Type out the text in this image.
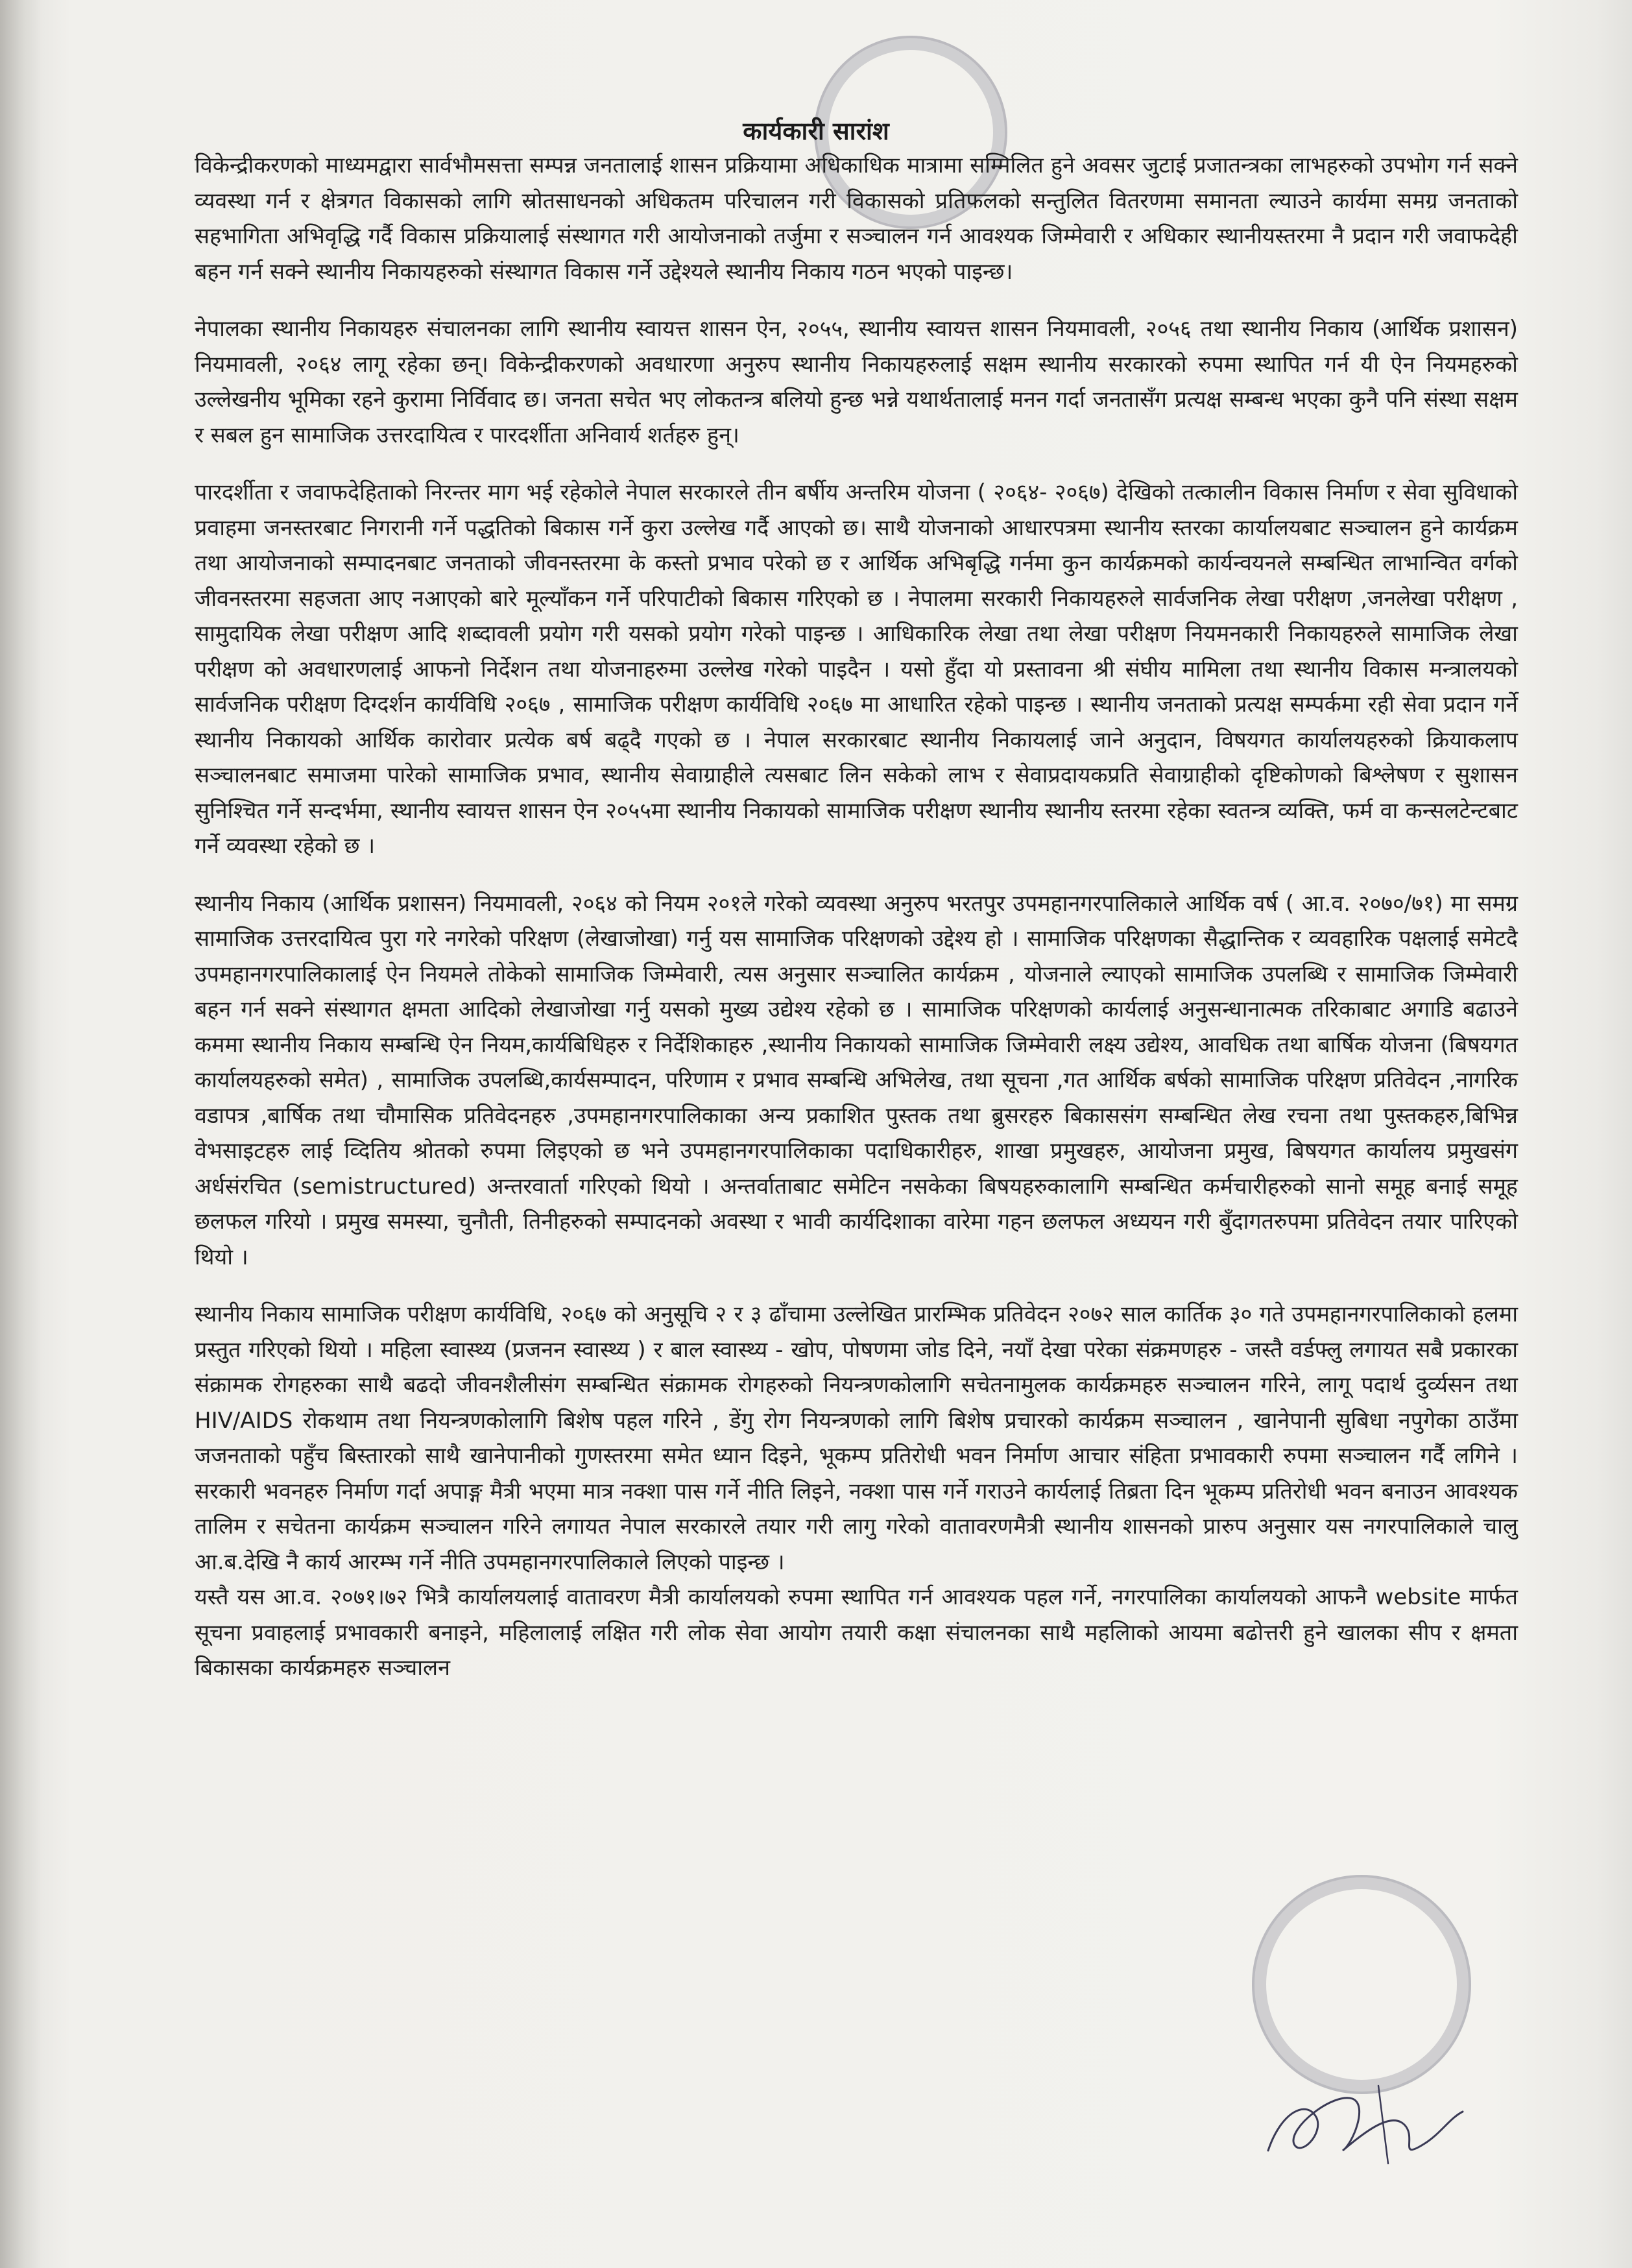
कार्यकारी सारांश

विकेन्द्रीकरणको माध्यमद्वारा सार्वभौमसत्ता सम्पन्न जनतालाई शासन प्रक्रियामा अधिकाधिक मात्रामा सम्मिलित हुने अवसर जुटाई प्रजातन्त्रका लाभहरुको उपभोग गर्न सक्ने व्यवस्था गर्न र क्षेत्रगत विकासको लागि स्रोतसाधनको अधिकतम परिचालन गरी विकासको प्रतिफलको सन्तुलित वितरणमा समानता ल्याउने कार्यमा समग्र जनताको सहभागिता अभिवृद्धि गर्दै विकास प्रक्रियालाई संस्थागत गरी आयोजनाको तर्जुमा र सञ्चालन गर्न आवश्यक जिम्मेवारी र अधिकार स्थानीयस्तरमा नै प्रदान गरी जवाफदेही बहन गर्न सक्ने स्थानीय निकायहरुको संस्थागत विकास गर्ने उद्देश्यले स्थानीय निकाय गठन भएको पाइन्छ।

नेपालका स्थानीय निकायहरु संचालनका लागि स्थानीय स्वायत्त शासन ऐन, २०५५, स्थानीय स्वायत्त शासन नियमावली, २०५६ तथा स्थानीय निकाय (आर्थिक प्रशासन) नियमावली, २०६४ लागू रहेका छन्। विकेन्द्रीकरणको अवधारणा अनुरुप स्थानीय निकायहरुलाई सक्षम स्थानीय सरकारको रुपमा स्थापित गर्न यी ऐन नियमहरुको उल्लेखनीय भूमिका रहने कुरामा निर्विवाद छ। जनता सचेत भए लोकतन्त्र बलियो हुन्छ भन्ने यथार्थतालाई मनन गर्दा जनतासँग प्रत्यक्ष सम्बन्ध भएका कुनै पनि संस्था सक्षम र सबल हुन सामाजिक उत्तरदायित्व र पारदर्शीता अनिवार्य शर्तहरु हुन्।

पारदर्शीता र जवाफदेहिताको निरन्तर माग भई रहेकोले नेपाल सरकारले तीन बर्षीय अन्तरिम योजना ( २०६४- २०६७) देखिको तत्कालीन विकास निर्माण र सेवा सुविधाको प्रवाहमा जनस्तरबाट निगरानी गर्ने पद्धतिको बिकास गर्ने कुरा उल्लेख गर्दै आएको छ। साथै योजनाको आधारपत्रमा स्थानीय स्तरका कार्यालयबाट सञ्चालन हुने कार्यक्रम तथा आयोजनाको सम्पादनबाट जनताको जीवनस्तरमा के कस्तो प्रभाव परेको छ र आर्थिक अभिबृद्धि गर्नमा कुन कार्यक्रमको कार्यन्वयनले सम्बन्धित लाभान्वित वर्गको जीवनस्तरमा सहजता आए नआएको बारे मूल्याँकन गर्ने परिपाटीको बिकास गरिएको छ । नेपालमा सरकारी निकायहरुले सार्वजनिक लेखा परीक्षण ,जनलेखा परीक्षण , सामुदायिक लेखा परीक्षण आदि शब्दावली प्रयोग गरी यसको प्रयोग गरेको पाइन्छ । आधिकारिक लेखा तथा लेखा परीक्षण नियमनकारी निकायहरुले सामाजिक लेखा परीक्षण को अवधारणलाई आफनो निर्देशन तथा योजनाहरुमा उल्लेख गरेको पाइदैन । यसो हुँदा यो प्रस्तावना श्री संघीय मामिला तथा स्थानीय विकास मन्त्रालयको सार्वजनिक परीक्षण दिग्दर्शन कार्यविधि २०६७ , सामाजिक परीक्षण कार्यविधि २०६७ मा आधारित रहेको पाइन्छ । स्थानीय जनताको प्रत्यक्ष सम्पर्कमा रही सेवा प्रदान गर्ने स्थानीय निकायको आर्थिक कारोवार प्रत्येक बर्ष बढ्दै गएको छ । नेपाल सरकारबाट स्थानीय निकायलाई जाने अनुदान, विषयगत कार्यालयहरुको क्रियाकलाप सञ्चालनबाट समाजमा पारेको सामाजिक प्रभाव, स्थानीय सेवाग्राहीले त्यसबाट लिन सकेको लाभ र सेवाप्रदायकप्रति सेवाग्राहीको दृष्टिकोणको बिश्लेषण र सुशासन सुनिश्चित गर्ने सन्दर्भमा, स्थानीय स्वायत्त शासन ऐन २०५५मा स्थानीय निकायको सामाजिक परीक्षण स्थानीय स्थानीय स्तरमा रहेका स्वतन्त्र व्यक्ति, फर्म वा कन्सलटेन्टबाट गर्ने व्यवस्था रहेको छ ।

स्थानीय निकाय (आर्थिक प्रशासन) नियमावली, २०६४ को नियम २०१ले गरेको व्यवस्था अनुरुप भरतपुर उपमहानगरपालिकाले आर्थिक वर्ष ( आ.व. २०७०/७१) मा समग्र सामाजिक उत्तरदायित्व पुरा गरे नगरेको परिक्षण (लेखाजोखा) गर्नु यस सामाजिक परिक्षणको उद्देश्य हो । सामाजिक परिक्षणका सैद्धान्तिक र व्यवहारिक पक्षलाई समेटदै उपमहानगरपालिकालाई ऐन नियमले तोकेको सामाजिक जिम्मेवारी, त्यस अनुसार सञ्चालित कार्यक्रम , योजनाले ल्याएको सामाजिक उपलब्धि र सामाजिक जिम्मेवारी बहन गर्न सक्ने संस्थागत क्षमता आदिको लेखाजोखा गर्नु यसको मुख्य उद्येश्य रहेको छ । सामाजिक परिक्षणको कार्यलाई अनुसन्धानात्मक तरिकाबाट अगाडि बढाउने कममा स्थानीय निकाय सम्बन्धि ऐन नियम,कार्यबिधिहरु र निर्देशिकाहरु ,स्थानीय निकायको सामाजिक जिम्मेवारी लक्ष्य उद्येश्य, आवधिक तथा बार्षिक योजना (बिषयगत कार्यालयहरुको समेत) , सामाजिक उपलब्धि,कार्यसम्पादन, परिणाम र प्रभाव सम्बन्धि अभिलेख, तथा सूचना ,गत आर्थिक बर्षको सामाजिक परिक्षण प्रतिवेदन ,नागरिक वडापत्र ,बार्षिक तथा चौमासिक प्रतिवेदनहरु ,उपमहानगरपालिकाका अन्य प्रकाशित पुस्तक तथा ब्रुसरहरु बिकाससंग सम्बन्धित लेख रचना तथा पुस्तकहरु,बिभिन्न वेभसाइटहरु लाई व्दितिय श्रोतको रुपमा लिइएको छ भने उपमहानगरपालिकाका पदाधिकारीहरु, शाखा प्रमुखहरु, आयोजना प्रमुख, बिषयगत कार्यालय प्रमुखसंग अर्धसंरचित (semistructured) अन्तरवार्ता गरिएको थियो । अन्तर्वाताबाट समेटिन नसकेका बिषयहरुकालागि सम्बन्धित कर्मचारीहरुको सानो समूह बनाई समूह छलफल गरियो । प्रमुख समस्या, चुनौती, तिनीहरुको सम्पादनको अवस्था र भावी कार्यदिशाका वारेमा गहन छलफल अध्ययन गरी बुँदागतरुपमा प्रतिवेदन तयार पारिएको थियो ।

स्थानीय निकाय सामाजिक परीक्षण कार्यविधि, २०६७ को अनुसूचि २ र ३ ढाँचामा उल्लेखित प्रारम्भिक प्रतिवेदन २०७२ साल कार्तिक ३० गते उपमहानगरपालिकाको हलमा प्रस्तुत गरिएको थियो । महिला स्वास्थ्य (प्रजनन स्वास्थ्य ) र बाल स्वास्थ्य - खोप, पोषणमा जोड दिने, नयाँ देखा परेका संक्रमणहरु - जस्तै वर्डफ्लु लगायत सबै प्रकारका संक्रामक रोगहरुका साथै बढदो जीवनशैलीसंग सम्बन्धित संक्रामक रोगहरुको नियन्त्रणकोलागि सचेतनामुलक कार्यक्रमहरु सञ्चालन गरिने, लागू पदार्थ दुर्व्यसन तथा HIV/AIDS रोकथाम तथा नियन्त्रणकोलागि बिशेष पहल गरिने , डेंगु रोग नियन्त्रणको लागि बिशेष प्रचारको कार्यक्रम सञ्चालन , खानेपानी सुबिधा नपुगेका ठाउँमा जजनताको पहुँच बिस्तारको साथै खानेपानीको गुणस्तरमा समेत ध्यान दिइने, भूकम्प प्रतिरोधी भवन निर्माण आचार संहिता प्रभावकारी रुपमा सञ्चालन गर्दै लगिने । सरकारी भवनहरु निर्माण गर्दा अपाङ्ग मैत्री भएमा मात्र नक्शा पास गर्ने नीति लिइने, नक्शा पास गर्ने गराउने कार्यलाई तिब्रता दिन भूकम्प प्रतिरोधी भवन बनाउन आवश्यक तालिम र सचेतना कार्यक्रम सञ्चालन गरिने लगायत नेपाल सरकारले तयार गरी लागु गरेको वातावरणमैत्री स्थानीय शासनको प्रारुप अनुसार यस नगरपालिकाले चालु आ.ब.देखि नै कार्य आरम्भ गर्ने नीति उपमहानगरपालिकाले लिएको पाइन्छ ।

यस्तै यस आ.व. २०७१।७२ भित्रै कार्यालयलाई वातावरण मैत्री कार्यालयको रुपमा स्थापित गर्न आवश्यक पहल गर्ने, नगरपालिका कार्यालयको आफनै website मार्फत सूचना प्रवाहलाई प्रभावकारी बनाइने, महिलालाई लक्षित गरी लोक सेवा आयोग तयारी कक्षा संचालनका साथै महलिाको आयमा बढोत्तरी हुने खालका सीप र क्षमता बिकासका कार्यक्रमहरु सञ्चालन
